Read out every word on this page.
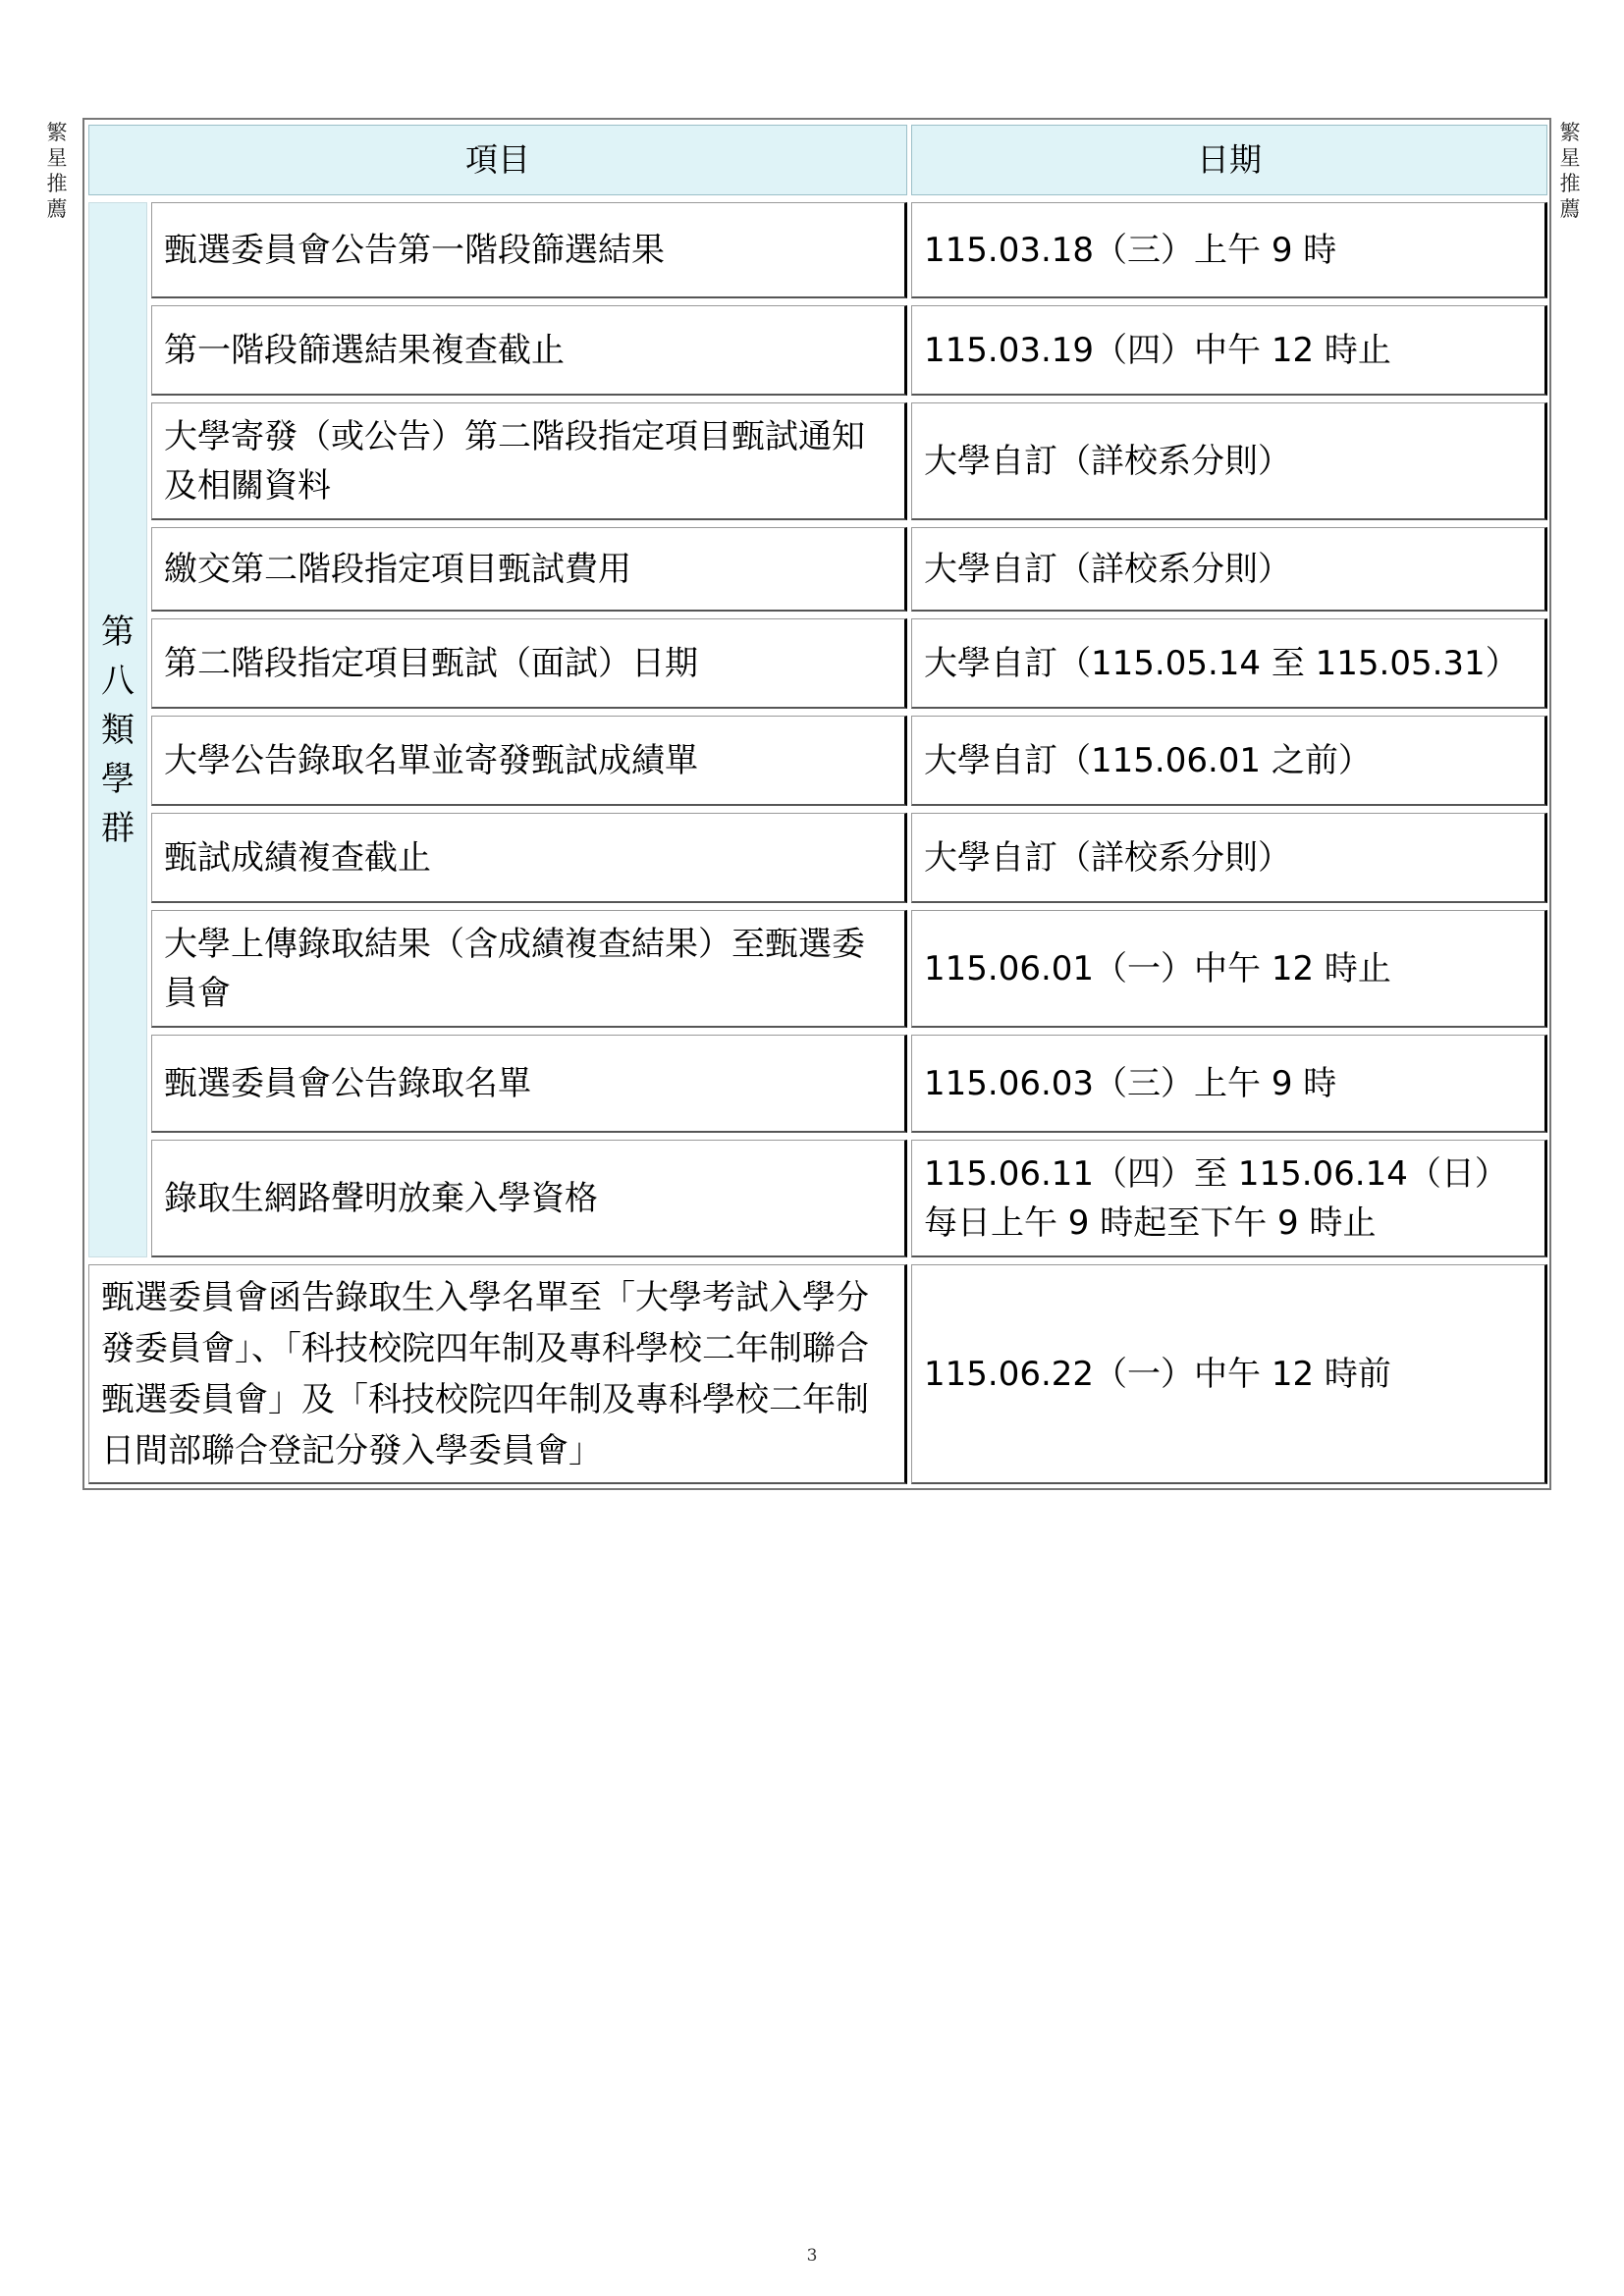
繁
星
推
薦
繁
星
推
薦
項目		日期

第
八
類
學
群	甄選委員會公告第一階段篩選結果	115.03.18（三）上午 9 時
	第一階段篩選結果複查截止	115.03.19（四）中午 12 時止
	大學寄發（或公告）第二階段指定項目甄試通知及相關資料	大學自訂（詳校系分則）
	繳交第二階段指定項目甄試費用	大學自訂（詳校系分則）
	第二階段指定項目甄試（面試）日期	大學自訂（115.05.14 至 115.05.31）
	大學公告錄取名單並寄發甄試成績單	大學自訂（115.06.01 之前）
	甄試成績複查截止	大學自訂（詳校系分則）
	大學上傳錄取結果（含成績複查結果）至甄選委員會	115.06.01（一）中午 12 時止
	甄選委員會公告錄取名單	115.06.03（三）上午 9 時
	錄取生網路聲明放棄入學資格	115.06.11（四）至 115.06.14（日）
每日上午 9 時起至下午 9 時止

甄選委員會函告錄取生入學名單至「大學考試入學分發委員會」、「科技校院四年制及專科學校二年制聯合甄選委員會」及「科技校院四年制及專科學校二年制日間部聯合登記分發入學委員會」		115.06.22（一）中午 12 時前
3
